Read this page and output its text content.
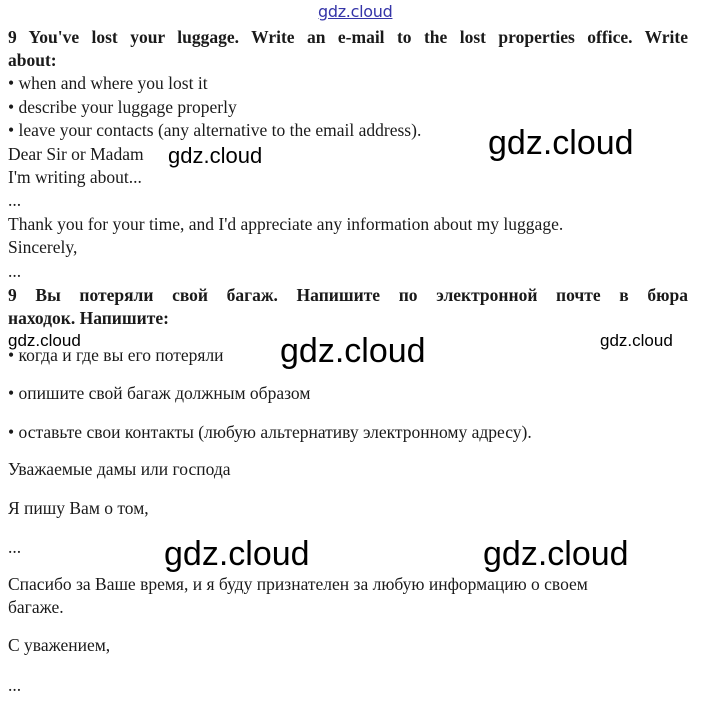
gdz.cloud
gdz.cloud
gdz.cloud
gdz.cloud	gdz.cloud
gdz.cloud
gdz.cloud	gdz.cloud
9 You've lost your luggage. Write an e-mail to the lost properties office. Write
about:
• when and where you lost it
• describe your luggage properly
• leave your contacts (any alternative to the email address).
Dear Sir or Madam
I'm writing about...
...
Thank you for your time, and I'd appreciate any information about my luggage.
Sincerely,
...
9 Вы потеряли свой багаж. Напишите по электронной почте в бюра
находок. Напишите:
• когда и где вы его потеряли
• опишите свой багаж должным образом
• оставьте свои контакты (любую альтернативу электронному адресу).
Уважаемые дамы или господа
Я пишу Вам о том,
...
Спасибо за Ваше время, и я буду признателен за любую информацию о своем
багаже.
С уважением,
...
